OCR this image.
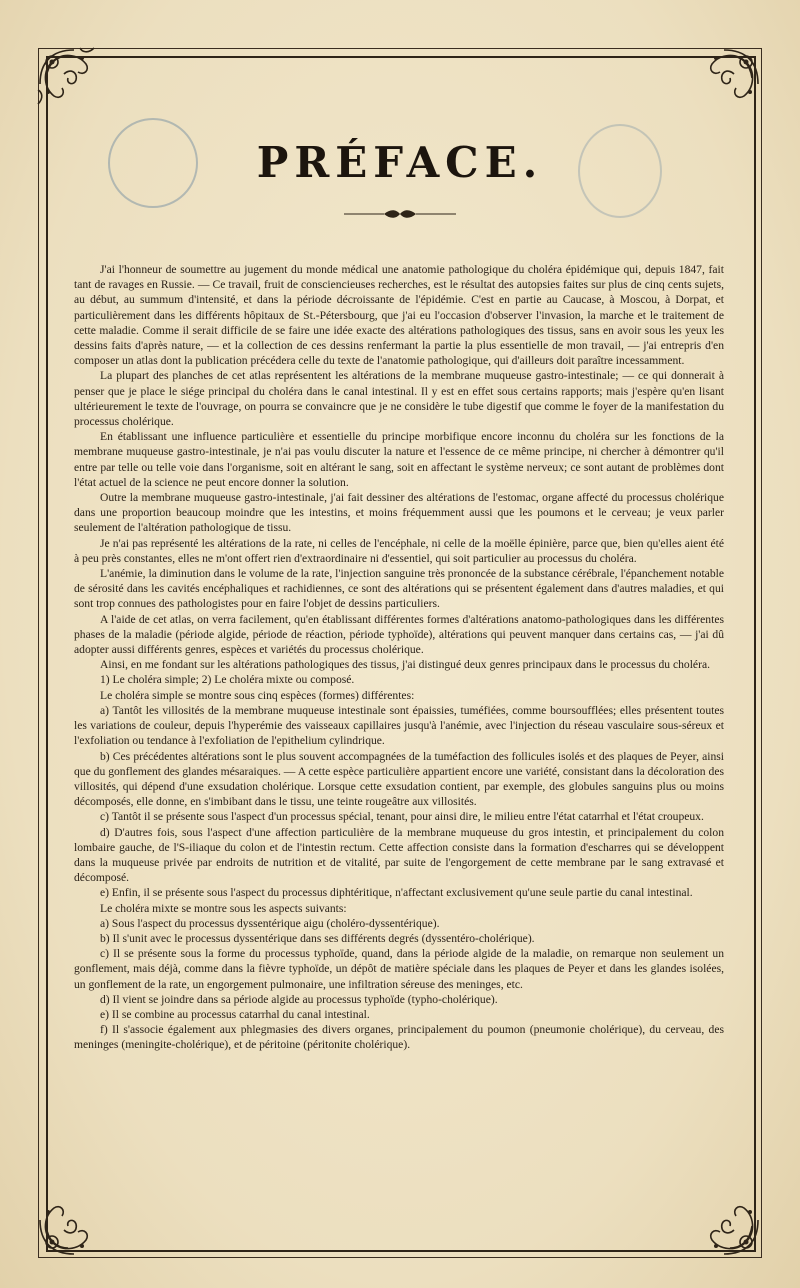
PRÉFACE.

J'ai l'honneur de soumettre au jugement du monde médical une anatomie pathologique du choléra épidémique qui, depuis 1847, fait tant de ravages en Russie. — Ce travail, fruit de consciencieuses recherches, est le résultat des autopsies faites sur plus de cinq cents sujets, au début, au summum d'intensité, et dans la période décroissante de l'épidémie. C'est en partie au Caucase, à Moscou, à Dorpat, et particulièrement dans les différents hôpitaux de St.-Pétersbourg, que j'ai eu l'occasion d'observer l'invasion, la marche et le traitement de cette maladie. Comme il serait difficile de se faire une idée exacte des altérations pathologiques des tissus, sans en avoir sous les yeux les dessins faits d'après nature, — et la collection de ces dessins renfermant la partie la plus essentielle de mon travail, — j'ai entrepris d'en composer un atlas dont la publication précédera celle du texte de l'anatomie pathologique, qui d'ailleurs doit paraître incessamment.

La plupart des planches de cet atlas représentent les altérations de la membrane muqueuse gastro-intestinale; — ce qui donnerait à penser que je place le siége principal du choléra dans le canal intestinal. Il y est en effet sous certains rapports; mais j'espère qu'en lisant ultérieurement le texte de l'ouvrage, on pourra se convaincre que je ne considère le tube digestif que comme le foyer de la manifestation du processus cholérique.

En établissant une influence particulière et essentielle du principe morbifique encore inconnu du choléra sur les fonctions de la membrane muqueuse gastro-intestinale, je n'ai pas voulu discuter la nature et l'essence de ce même principe, ni chercher à démontrer qu'il entre par telle ou telle voie dans l'organisme, soit en altérant le sang, soit en affectant le système nerveux; ce sont autant de problèmes dont l'état actuel de la science ne peut encore donner la solution.

Outre la membrane muqueuse gastro-intestinale, j'ai fait dessiner des altérations de l'estomac, organe affecté du processus cholérique dans une proportion beaucoup moindre que les intestins, et moins fréquemment aussi que les poumons et le cerveau; je veux parler seulement de l'altération pathologique de tissu.

Je n'ai pas représenté les altérations de la rate, ni celles de l'encéphale, ni celle de la moëlle épinière, parce que, bien qu'elles aient été à peu près constantes, elles ne m'ont offert rien d'extraordinaire ni d'essentiel, qui soit particulier au processus du choléra.

L'anémie, la diminution dans le volume de la rate, l'injection sanguine très prononcée de la substance cérébrale, l'épanchement notable de sérosité dans les cavités encéphaliques et rachidiennes, ce sont des altérations qui se présentent également dans d'autres maladies, et qui sont trop connues des pathologistes pour en faire l'objet de dessins particuliers.

A l'aide de cet atlas, on verra facilement, qu'en établissant différentes formes d'altérations anatomo-pathologiques dans les différentes phases de la maladie (période algide, période de réaction, période typhoïde), altérations qui peuvent manquer dans certains cas, — j'ai dû adopter aussi différents genres, espèces et variétés du processus cholérique.

Ainsi, en me fondant sur les altérations pathologiques des tissus, j'ai distingué deux genres principaux dans le processus du choléra.

1) Le choléra simple; 2) Le choléra mixte ou composé.

Le choléra simple se montre sous cinq espèces (formes) différentes:

a) Tantôt les villosités de la membrane muqueuse intestinale sont épaissies, tuméfiées, comme boursoufflées; elles présentent toutes les variations de couleur, depuis l'hyperémie des vaisseaux capillaires jusqu'à l'anémie, avec l'injection du réseau vasculaire sous-séreux et l'exfoliation ou tendance à l'exfoliation de l'epithelium cylindrique.

b) Ces précédentes altérations sont le plus souvent accompagnées de la tuméfaction des follicules isolés et des plaques de Peyer, ainsi que du gonflement des glandes mésaraiques. — A cette espèce particulière appartient encore une variété, consistant dans la décoloration des villosités, qui dépend d'une exsudation cholérique. Lorsque cette exsudation contient, par exemple, des globules sanguins plus ou moins décomposés, elle donne, en s'imbibant dans le tissu, une teinte rougeâtre aux villosités.

c) Tantôt il se présente sous l'aspect d'un processus spécial, tenant, pour ainsi dire, le milieu entre l'état catarrhal et l'état croupeux.

d) D'autres fois, sous l'aspect d'une affection particulière de la membrane muqueuse du gros intestin, et principalement du colon lombaire gauche, de l'S-iliaque du colon et de l'intestin rectum. Cette affection consiste dans la formation d'escharres qui se développent dans la muqueuse privée par endroits de nutrition et de vitalité, par suite de l'engorgement de cette membrane par le sang extravasé et décomposé.

e) Enfin, il se présente sous l'aspect du processus diphtéritique, n'affectant exclusivement qu'une seule partie du canal intestinal.

Le choléra mixte se montre sous les aspects suivants:

a) Sous l'aspect du processus dyssentérique aigu (choléro-dyssentérique).

b) Il s'unit avec le processus dyssentérique dans ses différents degrés (dyssentéro-cholérique).

c) Il se présente sous la forme du processus typhoïde, quand, dans la période algide de la maladie, on remarque non seulement un gonflement, mais déjà, comme dans la fièvre typhoïde, un dépôt de matière spéciale dans les plaques de Peyer et dans les glandes isolées, un gonflement de la rate, un engorgement pulmonaire, une infiltration séreuse des meninges, etc.

d) Il vient se joindre dans sa période algide au processus typhoïde (typho-cholérique).

e) Il se combine au processus catarrhal du canal intestinal.

f) Il s'associe également aux phlegmasies des divers organes, principalement du poumon (pneumonie cholérique), du cerveau, des meninges (meningite-cholérique), et de péritoine (péritonite cholérique).
